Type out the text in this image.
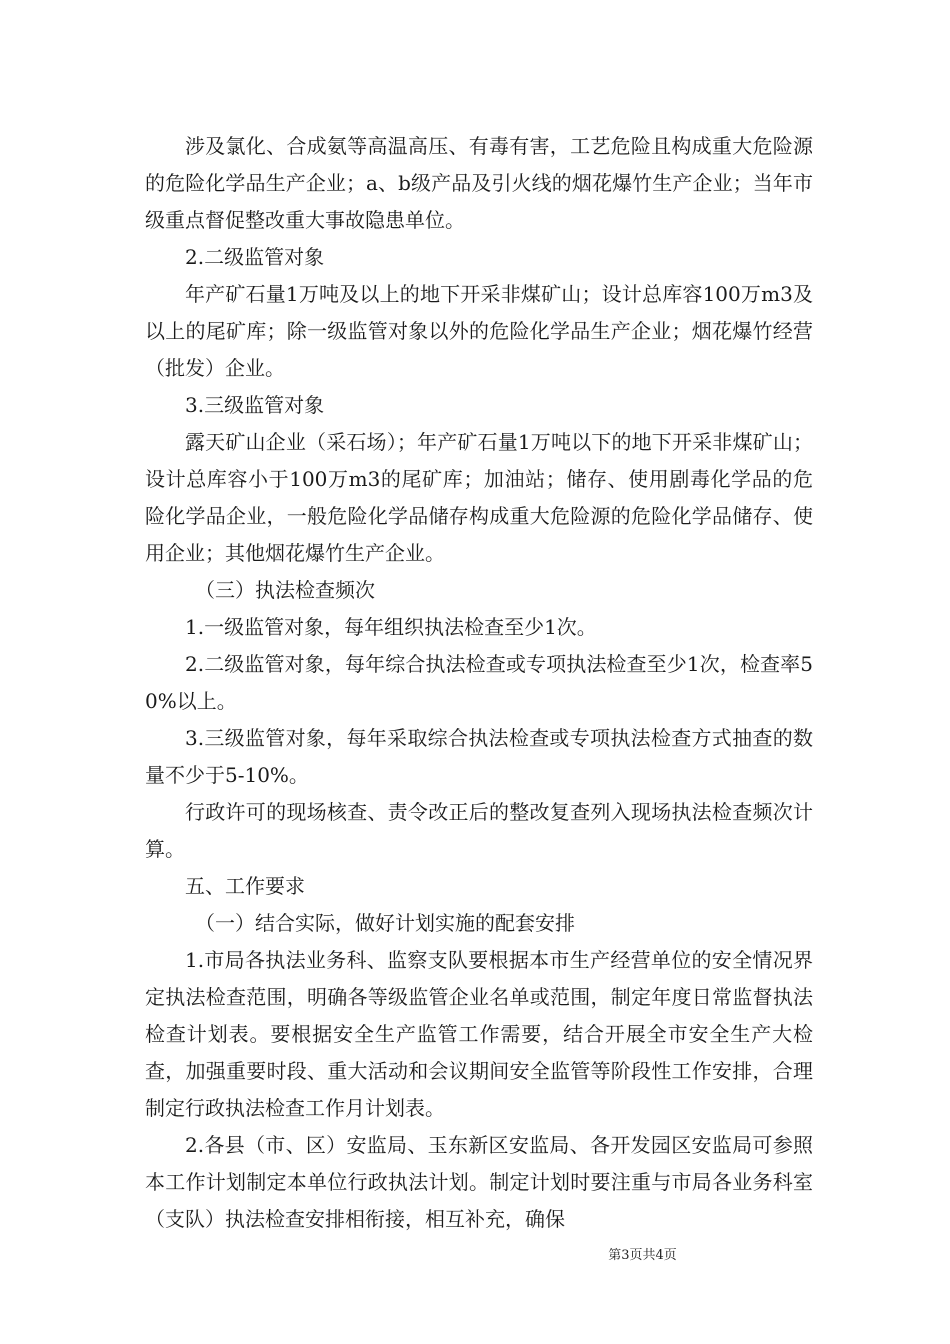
涉及氯化、合成氨等高温高压、有毒有害，工艺危险且构成重大危险源的危险化学品生产企业；a、b级产品及引火线的烟花爆竹生产企业；当年市级重点督促整改重大事故隐患单位。

2.二级监管对象

年产矿石量1万吨及以上的地下开采非煤矿山；设计总库容100万m3及以上的尾矿库；除一级监管对象以外的危险化学品生产企业；烟花爆竹经营（批发）企业。

3.三级监管对象

露天矿山企业（采石场）；年产矿石量1万吨以下的地下开采非煤矿山；设计总库容小于100万m3的尾矿库；加油站；储存、使用剧毒化学品的危险化学品企业，一般危险化学品储存构成重大危险源的危险化学品储存、使用企业；其他烟花爆竹生产企业。

（三）执法检查频次

1.一级监管对象，每年组织执法检查至少1次。

2.二级监管对象，每年综合执法检查或专项执法检查至少1次，检查率50%以上。

3.三级监管对象，每年采取综合执法检查或专项执法检查方式抽查的数量不少于5-10%。

行政许可的现场核查、责令改正后的整改复查列入现场执法检查频次计算。

五、工作要求

（一）结合实际，做好计划实施的配套安排

1.市局各执法业务科、监察支队要根据本市生产经营单位的安全情况界定执法检查范围，明确各等级监管企业名单或范围，制定年度日常监督执法检查计划表。要根据安全生产监管工作需要，结合开展全市安全生产大检查，加强重要时段、重大活动和会议期间安全监管等阶段性工作安排，合理制定行政执法检查工作月计划表。

2.各县（市、区）安监局、玉东新区安监局、各开发园区安监局可参照本工作计划制定本单位行政执法计划。制定计划时要注重与市局各业务科室（支队）执法检查安排相衔接，相互补充，确保

第3页共4页
